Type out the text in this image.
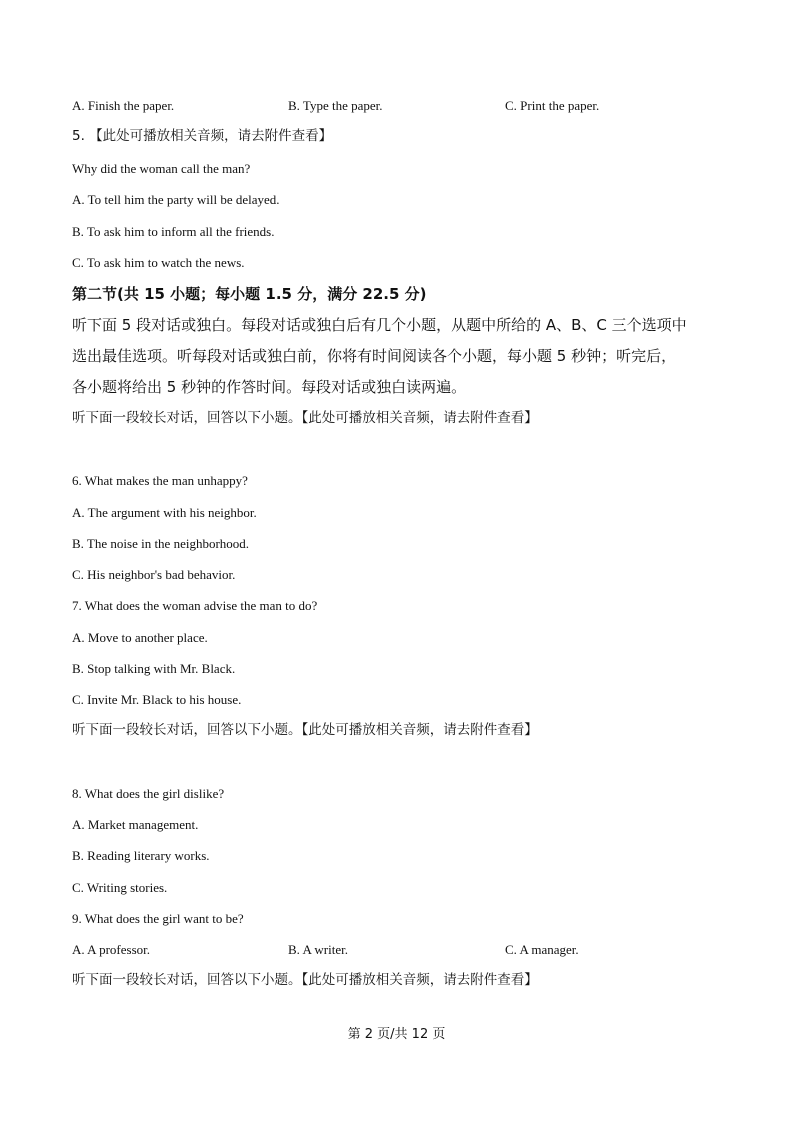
A. Finish the paper.	B. Type the paper.	C. Print the paper.
5. 【此处可播放相关音频，请去附件查看】
Why did the woman call the man?
A. To tell him the party will be delayed.
B. To ask him to inform all the friends.
C. To ask him to watch the news.
第二节(共 15 小题；每小题 1.5 分，满分 22.5 分)
听下面 5 段对话或独白。每段对话或独白后有几个小题，从题中所给的 A、B、C 三个选项中
选出最佳选项。听每段对话或独白前，你将有时间阅读各个小题，每小题 5 秒钟；听完后，
各小题将给出 5 秒钟的作答时间。每段对话或独白读两遍。
听下面一段较长对话，回答以下小题。【此处可播放相关音频，请去附件查看】
6. What makes the man unhappy?
A. The argument with his neighbor.
B. The noise in the neighborhood.
C. His neighbor's bad behavior.
7. What does the woman advise the man to do?
A. Move to another place.
B. Stop talking with Mr. Black.
C. Invite Mr. Black to his house.
听下面一段较长对话，回答以下小题。【此处可播放相关音频，请去附件查看】
8. What does the girl dislike?
A. Market management.
B. Reading literary works.
C. Writing stories.
9. What does the girl want to be?
A. A professor.	B. A writer.	C. A manager.
听下面一段较长对话，回答以下小题。【此处可播放相关音频，请去附件查看】
第 2 页/共 12 页
